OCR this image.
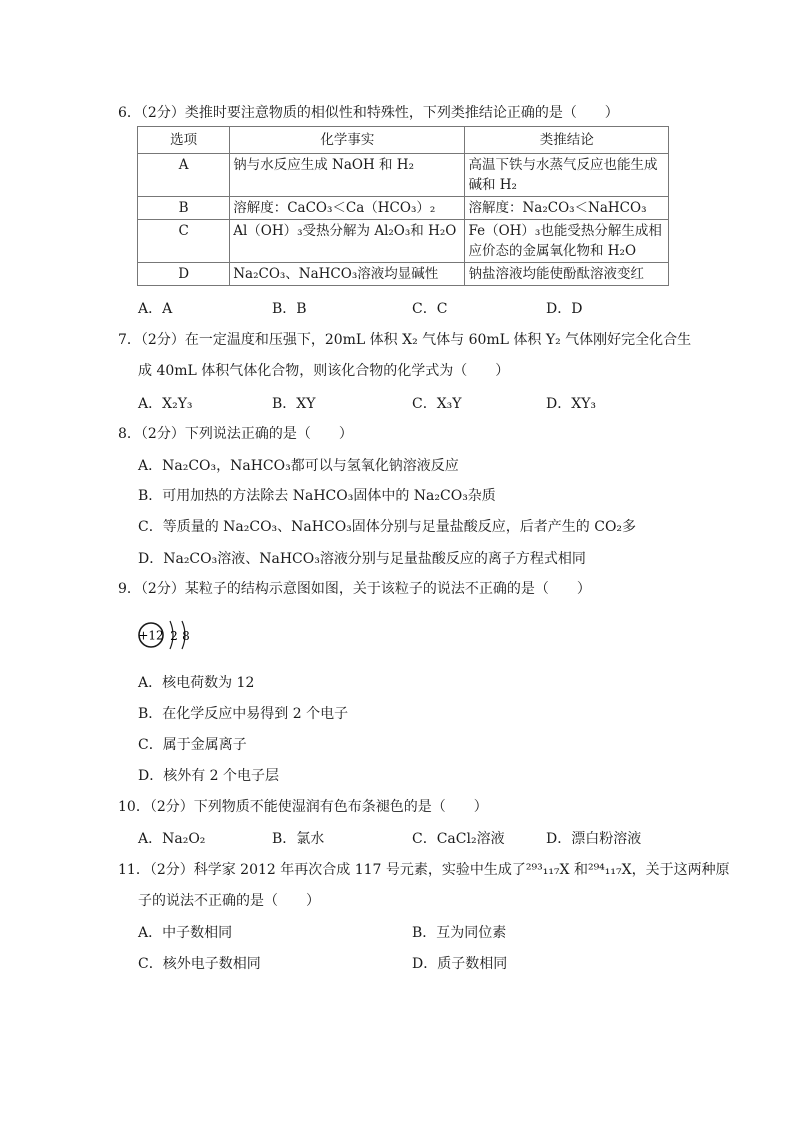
6．（2分）类推时要注意物质的相似性和特殊性，下列类推结论正确的是（　　）
选项	化学事实	类推结论
A	钠与水反应生成 NaOH 和 H₂	高温下铁与水蒸气反应也能生成碱和 H₂
B	溶解度：CaCO₃＜Ca（HCO₃）₂	溶解度：Na₂CO₃＜NaHCO₃
C	Al（OH）₃受热分解为 Al₂O₃和 H₂O	Fe（OH）₃也能受热分解生成相应价态的金属氧化物和 H₂O
D	Na₂CO₃、NaHCO₃溶液均显碱性	钠盐溶液均能使酚酞溶液变红
A．A	B．B	C．C	D．D
7．（2分）在一定温度和压强下，20mL 体积 X₂ 气体与 60mL 体积 Y₂ 气体刚好完全化合生
成 40mL 体积气体化合物，则该化合物的化学式为（　　）
A．X₂Y₃	B．XY	C．X₃Y	D．XY₃
8．（2分）下列说法正确的是（　　）
A．Na₂CO₃，NaHCO₃都可以与氢氧化钠溶液反应
B．可用加热的方法除去 NaHCO₃固体中的 Na₂CO₃杂质
C．等质量的 Na₂CO₃、NaHCO₃固体分别与足量盐酸反应，后者产生的 CO₂多
D．Na₂CO₃溶液、NaHCO₃溶液分别与足量盐酸反应的离子方程式相同
9．（2分）某粒子的结构示意图如图，关于该粒子的说法不正确的是（　　）
+12 2 8
A．核电荷数为 12
B．在化学反应中易得到 2 个电子
C．属于金属离子
D．核外有 2 个电子层
10．（2分）下列物质不能使湿润有色布条褪色的是（　　）
A．Na₂O₂	B．氯水	C．CaCl₂溶液	D．漂白粉溶液
11．（2分）科学家 2012 年再次合成 117 号元素，实验中生成了²⁹³₁₁₇X 和²⁹⁴₁₁₇X，关于这两种原
子的说法不正确的是（　　）
A．中子数相同	B．互为同位素
C．核外电子数相同	D．质子数相同
